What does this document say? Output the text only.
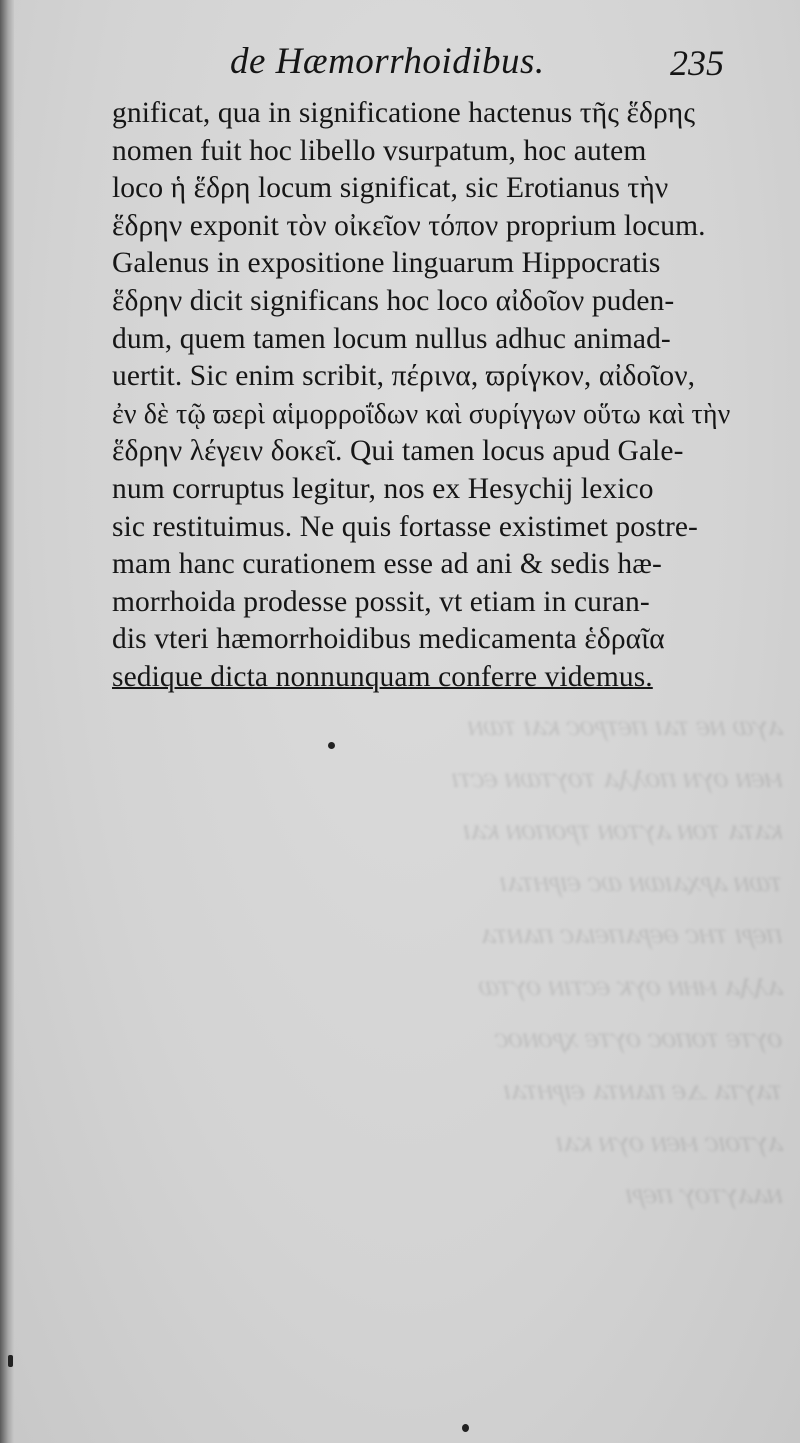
ⲁⲩⲱ ⲛⲉ ⲧⲁⲓ ⲡⲉⲧⲣⲟⲥ ⲕⲁⲓ ⲧⲱⲛ
ⲙⲉⲛ ⲟⲩⲛ ⲡⲟⲗⲗⲁ ⲧⲟⲩⲧⲱⲛ ⲉⲥⲧⲓ
ⲕⲁⲧⲁ ⲧⲟⲛ ⲁⲩⲧⲟⲛ ⲧⲣⲟⲡⲟⲛ ⲕⲁⲓ
ⲧⲱⲛ ⲁⲣⲭⲁⲓⲱⲛ ⲱⲥ ⲉⲓⲣⲏⲧⲁⲓ
ⲡⲉⲣⲓ ⲧⲏⲥ ⲑⲉⲣⲁⲡⲉⲓⲁⲥ ⲡⲁⲛⲧⲁ
ⲁⲗⲗⲁ ⲙⲏⲛ ⲟⲩⲕ ⲉⲥⲧⲓⲛ ⲟⲩⲧⲱ
ⲟⲩⲧⲉ ⲧⲟⲡⲟⲥ ⲟⲩⲧⲉ ⲭⲣⲟⲛⲟⲥ
ⲧⲁⲩⲧⲁ ⲇⲉ ⲡⲁⲛⲧⲁ ⲉⲓⲣⲏⲧⲁⲓ
ⲁⲩⲧⲟⲓⲥ ⲙⲉⲛ ⲟⲩⲛ ⲕⲁⲓ
ⲛⲁⲁⲩⲧⲟⲩ ⲡⲉⲣⲓ
de Hæmorrhoidibus.	235
gnificat, qua in significatione hactenus τῆς ἕδρης
nomen fuit hoc libello vsurpatum, hoc autem
loco ἡ ἕδρη locum significat, sic Erotianus τὴν
ἕδρην exponit τὸν οἰκεῖον τόπον proprium locum.
Galenus in expositione linguarum Hippocratis
ἕδρην dicit significans hoc loco αἰδοῖον puden-
dum, quem tamen locum nullus adhuc animad-
uertit. Sic enim scribit, πέρινα, ϖρίγκον, αἰδοῖον,
ἐν δὲ τῷ ϖερὶ αἱμορροΐδων καὶ συρίγγων οὕτω καὶ τὴν
ἕδρην λέγειν δοκεῖ. Qui tamen locus apud Gale-
num corruptus legitur, nos ex Hesychij lexico
sic restituimus. Ne quis fortasse existimet postre-
mam hanc curationem esse ad ani & sedis hæ-
morrhoida prodesse possit, vt etiam in curan-
dis vteri hæmorrhoidibus medicamenta ἑδραῖα
sedique dicta nonnunquam conferre videmus.
